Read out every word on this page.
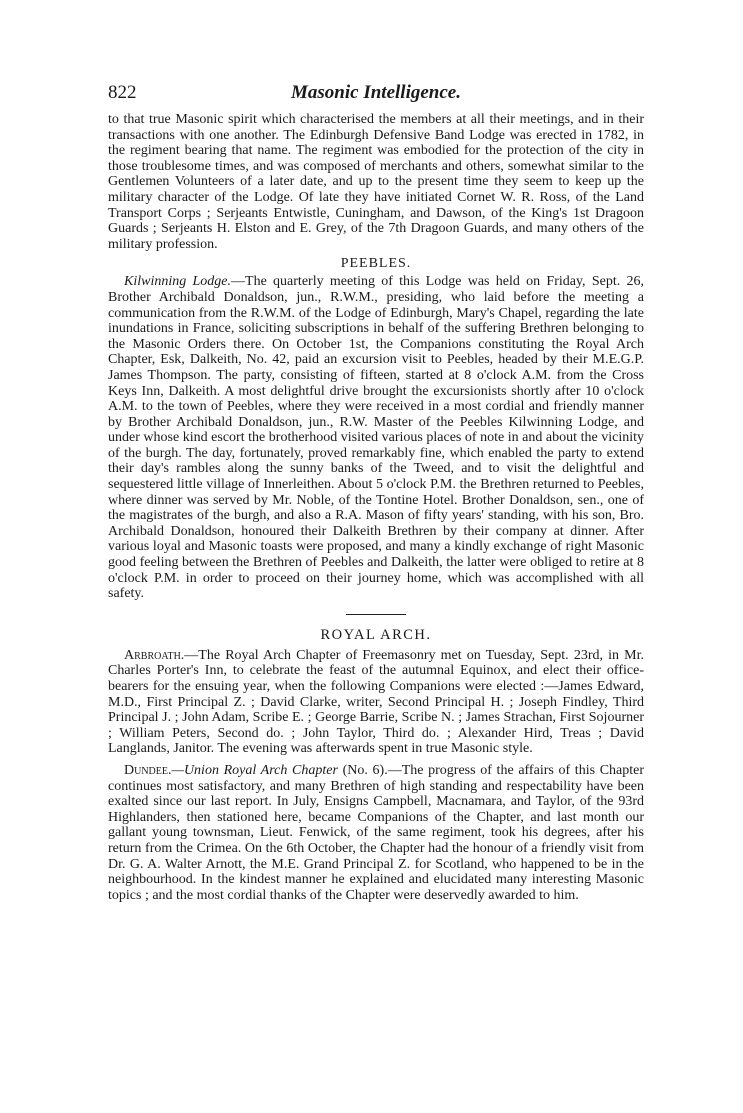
822	Masonic Intelligence.

to that true Masonic spirit which characterised the members at all their meetings, and in their transactions with one another. The Edinburgh Defensive Band Lodge was erected in 1782, in the regiment bearing that name. The regiment was embodied for the protection of the city in those troublesome times, and was composed of merchants and others, somewhat similar to the Gentlemen Volunteers of a later date, and up to the present time they seem to keep up the military character of the Lodge. Of late they have initiated Cornet W. R. Ross, of the Land Transport Corps ; Serjeants Entwistle, Cuningham, and Dawson, of the King's 1st Dragoon Guards ; Serjeants H. Elston and E. Grey, of the 7th Dragoon Guards, and many others of the military profession.

PEEBLES.

Kilwinning Lodge.—The quarterly meeting of this Lodge was held on Friday, Sept. 26, Brother Archibald Donaldson, jun., R.W.M., presiding, who laid before the meeting a communication from the R.W.M. of the Lodge of Edinburgh, Mary's Chapel, regarding the late inundations in France, soliciting subscriptions in behalf of the suffering Brethren belonging to the Masonic Orders there. On October 1st, the Companions constituting the Royal Arch Chapter, Esk, Dalkeith, No. 42, paid an excursion visit to Peebles, headed by their M.E.G.P. James Thompson. The party, consisting of fifteen, started at 8 o'clock A.M. from the Cross Keys Inn, Dalkeith. A most delightful drive brought the excursionists shortly after 10 o'clock A.M. to the town of Peebles, where they were received in a most cordial and friendly manner by Brother Archibald Donaldson, jun., R.W. Master of the Peebles Kilwinning Lodge, and under whose kind escort the brotherhood visited various places of note in and about the vicinity of the burgh. The day, fortunately, proved remarkably fine, which enabled the party to extend their day's rambles along the sunny banks of the Tweed, and to visit the delightful and sequestered little village of Innerleithen. About 5 o'clock P.M. the Brethren returned to Peebles, where dinner was served by Mr. Noble, of the Tontine Hotel. Brother Donaldson, sen., one of the magistrates of the burgh, and also a R.A. Mason of fifty years' standing, with his son, Bro. Archibald Donaldson, honoured their Dalkeith Brethren by their company at dinner. After various loyal and Masonic toasts were proposed, and many a kindly exchange of right Masonic good feeling between the Brethren of Peebles and Dalkeith, the latter were obliged to retire at 8 o'clock P.M. in order to proceed on their journey home, which was accomplished with all safety.

ROYAL ARCH.

Arbroath.—The Royal Arch Chapter of Freemasonry met on Tuesday, Sept. 23rd, in Mr. Charles Porter's Inn, to celebrate the feast of the autumnal Equinox, and elect their office-bearers for the ensuing year, when the following Companions were elected :—James Edward, M.D., First Principal Z. ; David Clarke, writer, Second Principal H. ; Joseph Findley, Third Principal J. ; John Adam, Scribe E. ; George Barrie, Scribe N. ; James Strachan, First Sojourner ; William Peters, Second do. ; John Taylor, Third do. ; Alexander Hird, Treas ; David Langlands, Janitor. The evening was afterwards spent in true Masonic style.

Dundee.—Union Royal Arch Chapter (No. 6).—The progress of the affairs of this Chapter continues most satisfactory, and many Brethren of high standing and respectability have been exalted since our last report. In July, Ensigns Campbell, Macnamara, and Taylor, of the 93rd Highlanders, then stationed here, became Companions of the Chapter, and last month our gallant young townsman, Lieut. Fenwick, of the same regiment, took his degrees, after his return from the Crimea. On the 6th October, the Chapter had the honour of a friendly visit from Dr. G. A. Walter Arnott, the M.E. Grand Principal Z. for Scotland, who happened to be in the neighbourhood. In the kindest manner he explained and elucidated many interesting Masonic topics ; and the most cordial thanks of the Chapter were deservedly awarded to him.
